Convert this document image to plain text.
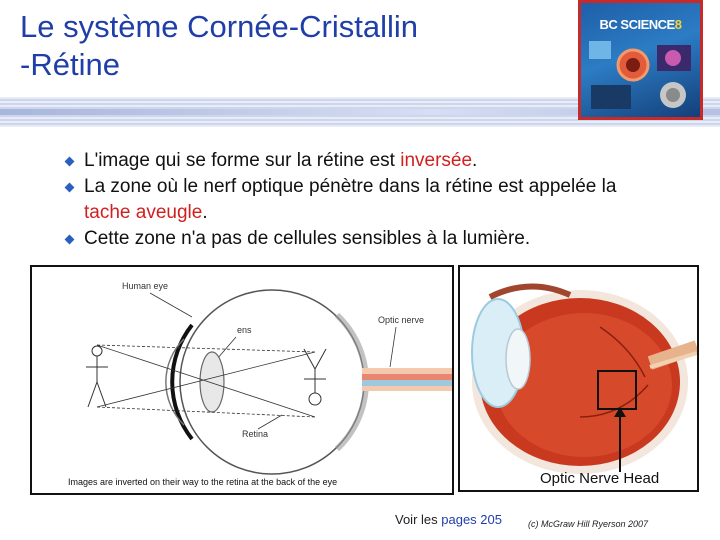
Le système Cornée-Cristallin
-Rétine
BC SCIENCE8
L'image qui se forme sur la rétine est inversée.
La zone où le nerf optique pénètre dans la rétine est appelée la tache aveugle.
Cette zone n'a pas de cellules sensibles à la lumière.
Human eye
ens
Optic nerve
Retina
Images are inverted on their way to the retina at the back of the eye	Optic Nerve Head
Voir les pages 205	(c) McGraw Hill Ryerson 2007
